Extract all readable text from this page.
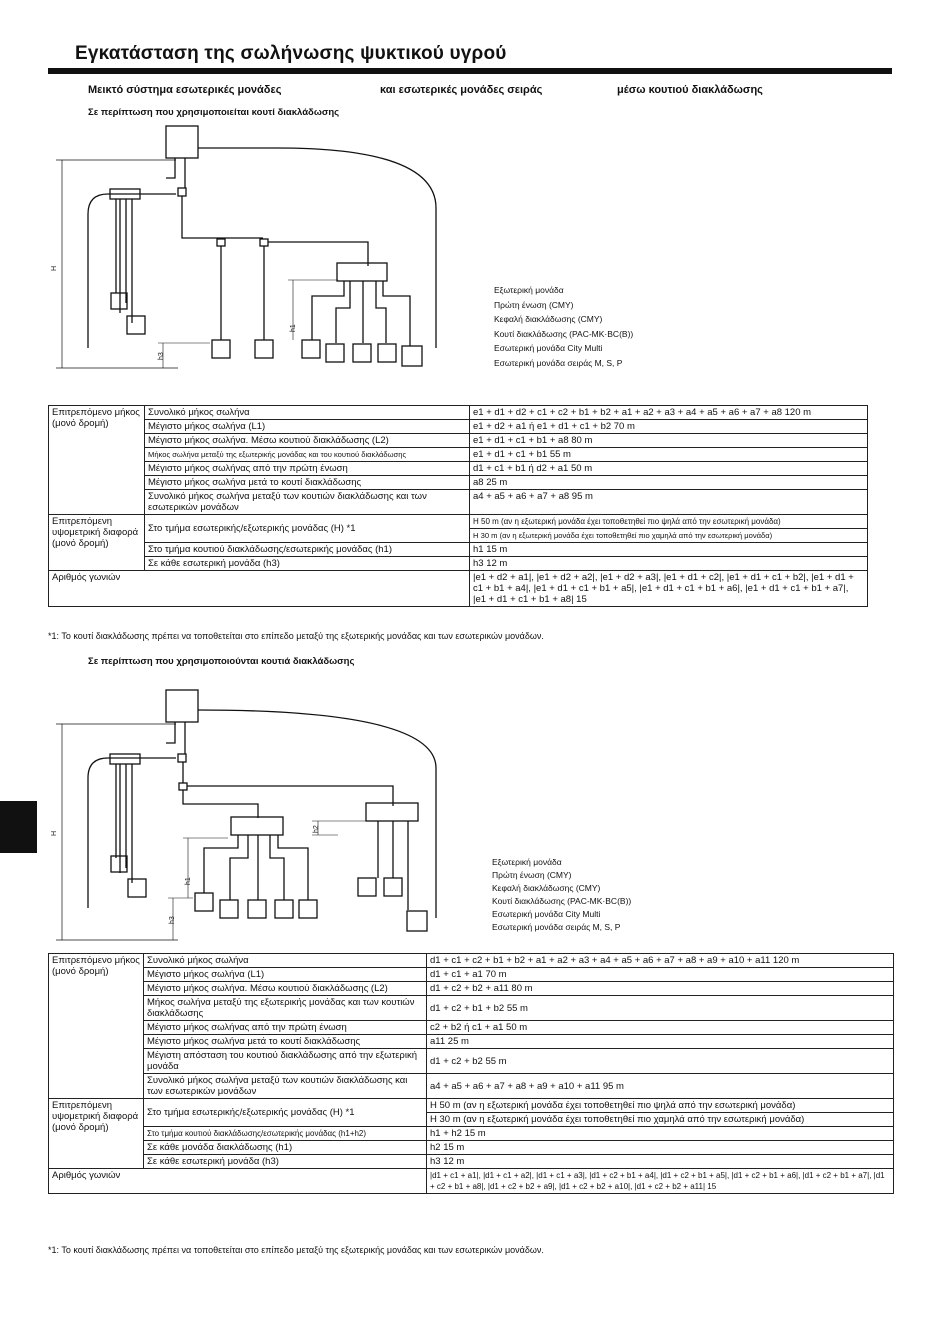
Εγκατάσταση της σωλήνωσης ψυκτικού υγρού
Μεικτό σύστημα εσωτερικές μονάδες	και εσωτερικές μονάδες σειράς	μέσω κουτιού διακλάδωσης
Σε περίπτωση που χρησιμοποιείται κουτί διακλάδωσης
H
h1
h3
Εξωτερική μονάδα
Πρώτη ένωση (CMY)
Κεφαλή διακλάδωσης (CMY)
Κουτί διακλάδωσης (PAC-MK·BC(B))
Εσωτερική μονάδα City Multi
Εσωτερική μονάδα σειράς M, S, P
Επιτρεπόμενο μήκος (μονό δρομή)	Συνολικό μήκος σωλήνα	e1 + d1 + d2 + c1 + c2 + b1 + b2 + a1 + a2 + a3 + a4 + a5 + a6 + a7 + a8 120 m
	Μέγιστο μήκος σωλήνα (L1)	e1 + d2 + a1 ή e1 + d1 + c1 + b2 70 m
	Μέγιστο μήκος σωλήνα. Μέσω κουτιού διακλάδωσης (L2)	e1 + d1 + c1 + b1 + a8 80 m
	Μήκος σωλήνα μεταξύ της εξωτερικής μονάδας και του κουτιού διακλάδωσης	e1 + d1 + c1 + b1 55 m
	Μέγιστο μήκος σωλήνας από την πρώτη ένωση	d1 + c1 + b1 ή d2 + a1 50 m
	Μέγιστο μήκος σωλήνα μετά το κουτί διακλάδωσης	a8 25 m
	Συνολικό μήκος σωλήνα μεταξύ των κουτιών διακλάδωσης και των εσωτερικών μονάδων	a4 + a5 + a6 + a7 + a8 95 m
Επιτρεπόμενη υψομετρική διαφορά (μονό δρομή)	Στο τμήμα εσωτερικής/εξωτερικής μονάδας (H) *1	H 50 m (αν η εξωτερική μονάδα έχει τοποθετηθεί πιο ψηλά από την εσωτερική μονάδα)
		H 30 m (αν η εξωτερική μονάδα έχει τοποθετηθεί πιο χαμηλά από την εσωτερική μονάδα)
	Στο τμήμα κουτιού διακλάδωσης/εσωτερικής μονάδας (h1)	h1 15 m
	Σε κάθε εσωτερική μονάδα (h3)	h3 12 m
Αριθμός γωνιών		|e1 + d2 + a1|, |e1 + d2 + a2|, |e1 + d2 + a3|, |e1 + d1 + c2|, |e1 + d1 + c1 + b2|, |e1 + d1 + c1 + b1 + a4|, |e1 + d1 + c1 + b1 + a5|, |e1 + d1 + c1 + b1 + a6|, |e1 + d1 + c1 + b1 + a7|, |e1 + d1 + c1 + b1 + a8| 15
*1: Το κουτί διακλάδωσης πρέπει να τοποθετείται στο επίπεδο μεταξύ της εξωτερικής μονάδας και των εσωτερικών μονάδων.
Σε περίπτωση που χρησιμοποιούνται κουτιά διακλάδωσης
H
h1
h2
h3
Εξωτερική μονάδα
Πρώτη ένωση (CMY)
Κεφαλή διακλάδωσης (CMY)
Κουτί διακλάδωσης (PAC-MK·BC(B))
Εσωτερική μονάδα City Multi
Εσωτερική μονάδα σειράς M, S, P
Επιτρεπόμενο μήκος (μονό δρομή)	Συνολικό μήκος σωλήνα	d1 + c1 + c2 + b1 + b2 + a1 + a2 + a3 + a4 + a5 + a6 + a7 + a8 + a9 + a10 + a11 120 m
	Μέγιστο μήκος σωλήνα (L1)	d1 + c1 + a1 70 m
	Μέγιστο μήκος σωλήνα. Μέσω κουτιού διακλάδωσης (L2)	d1 + c2 + b2 + a11 80 m
	Μήκος σωλήνα μεταξύ της εξωτερικής μονάδας και των κουτιών διακλάδωσης	d1 + c2 + b1 + b2 55 m
	Μέγιστο μήκος σωλήνας από την πρώτη ένωση	c2 + b2 ή c1 + a1 50 m
	Μέγιστο μήκος σωλήνα μετά το κουτί διακλάδωσης	a11 25 m
	Μέγιστη απόσταση του κουτιού διακλάδωσης από την εξωτερική μονάδα	d1 + c2 + b2 55 m
	Συνολικό μήκος σωλήνα μεταξύ των κουτιών διακλάδωσης και των εσωτερικών μονάδων	a4 + a5 + a6 + a7 + a8 + a9 + a10 + a11 95 m
Επιτρεπόμενη υψομετρική διαφορά (μονό δρομή)	Στο τμήμα εσωτερικής/εξωτερικής μονάδας (H) *1	H 50 m (αν η εξωτερική μονάδα έχει τοποθετηθεί πιο ψηλά από την εσωτερική μονάδα)
		H 30 m (αν η εξωτερική μονάδα έχει τοποθετηθεί πιο χαμηλά από την εσωτερική μονάδα)
	Στο τμήμα κουτιού διακλάδωσης/εσωτερικής μονάδας (h1+h2)	h1 + h2 15 m
	Σε κάθε μονάδα διακλάδωσης (h1)	h2 15 m
	Σε κάθε εσωτερική μονάδα (h3)	h3 12 m
Αριθμός γωνιών		|d1 + c1 + a1|, |d1 + c1 + a2|, |d1 + c1 + a3|, |d1 + c2 + b1 + a4|, |d1 + c2 + b1 + a5|, |d1 + c2 + b1 + a6|, |d1 + c2 + b1 + a7|, |d1 + c2 + b1 + a8|, |d1 + c2 + b2 + a9|, |d1 + c2 + b2 + a10|, |d1 + c2 + b2 + a11| 15
*1: Το κουτί διακλάδωσης πρέπει να τοποθετείται στο επίπεδο μεταξύ της εξωτερικής μονάδας και των εσωτερικών μονάδων.
